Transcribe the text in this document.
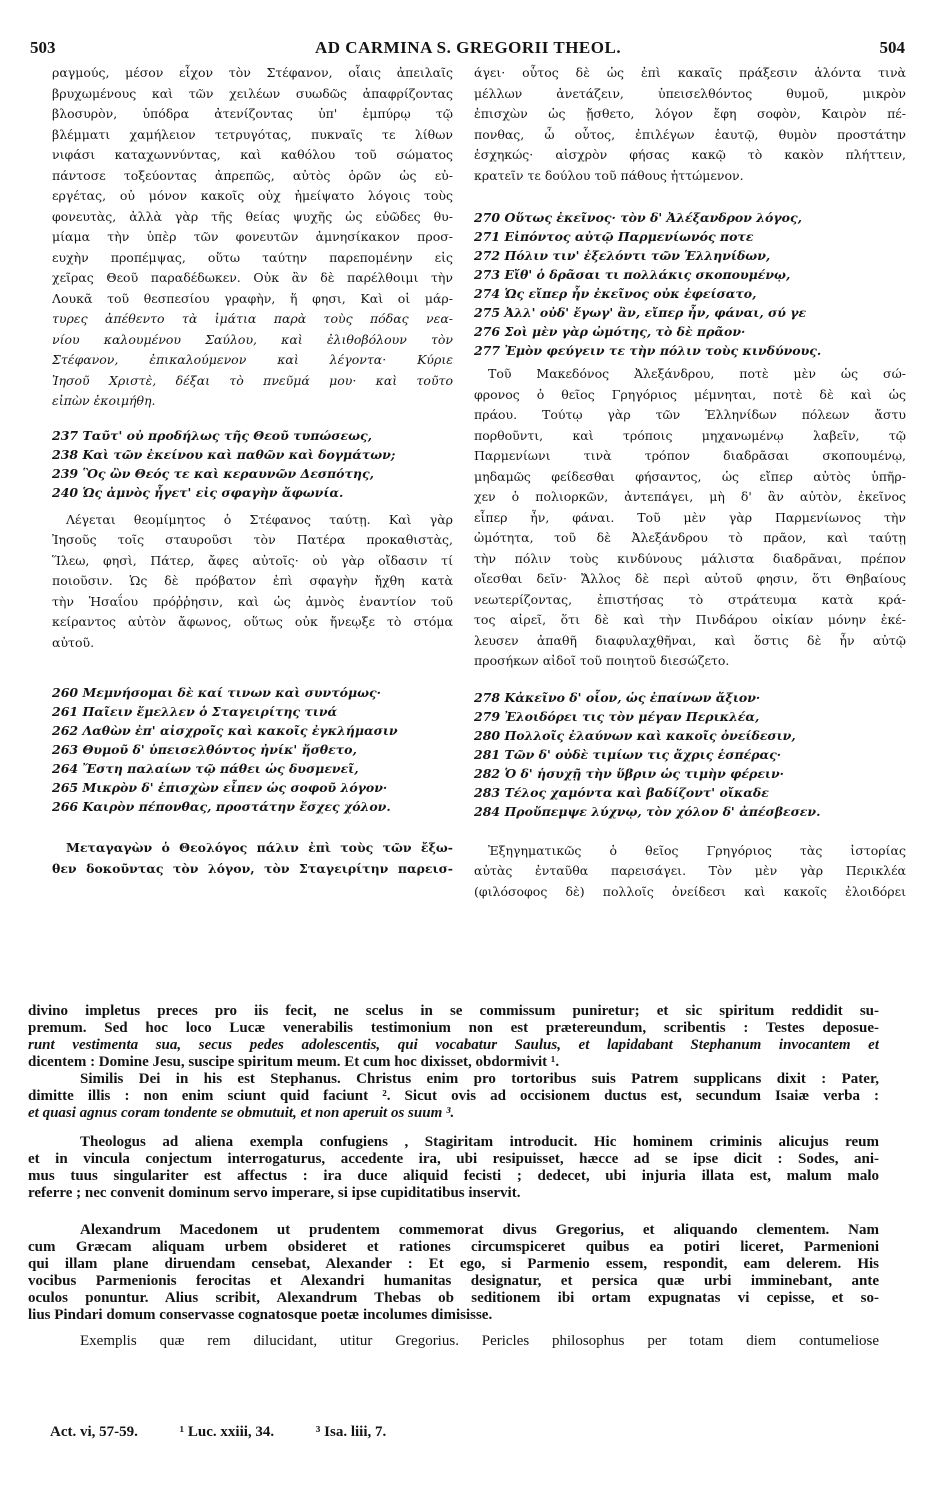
503	AD CARMINA S. GREGORII THEOL.	504
ραγμούς, μέσον εἶχον τὸν Στέφανον, οἷαις ἀπειλαῖς
βρυχωμένους καὶ τῶν χειλέων συωδῶς ἀπαφρίζοντας
βλοσυρὸν, ὑπόδρα ἀτενίζοντας ὑπ' ἐμπύρῳ τῷ
βλέμματι χαμήλειον τετρυγότας, πυκναῖς τε λίθων
νιφάσι καταχωννύντας, καὶ καθόλου τοῦ σώματος
πάντοσε τοξεύοντας ἀπρεπῶς, αὐτὸς ὁρῶν ὡς εὐ-
εργέτας, οὐ μόνον κακοῖς οὐχ ἠμείψατο λόγοις τοὺς
φονευτὰς, ἀλλὰ γὰρ τῆς θείας ψυχῆς ὡς εὐῶδες θυ-
μίαμα τὴν ὑπὲρ τῶν φονευτῶν ἀμνησίκακον προσ-
ευχὴν προπέμψας, οὕτω ταύτην παρεπομένην εἰς
χεῖρας Θεοῦ παραδέδωκεν. Οὐκ ἂν δὲ παρέλθοιμι τὴν
Λουκᾶ τοῦ θεσπεσίου γραφὴν, ἥ φησι, Καὶ οἱ μάρ-
τυρες ἀπέθεντο τὰ ἱμάτια παρὰ τοὺς πόδας νεα-
νίου καλουμένου Σαύλου, καὶ ἐλιθοβόλουν τὸν
Στέφανον, ἐπικαλούμενον καὶ λέγοντα· Κύριε
Ἰησοῦ Χριστὲ, δέξαι τὸ πνεῦμά μου· καὶ τοῦτο
εἰπὼν ἐκοιμήθη.
237 Ταῦτ' οὐ προδήλως τῆς Θεοῦ τυπώσεως,
238 Καὶ τῶν ἐκείνου καὶ παθῶν καὶ δογμάτων;
239 Ὃς ὢν Θεός τε καὶ κεραυνῶν Δεσπότης,
240 Ὡς ἀμνὸς ἦγετ' εἰς σφαγὴν ἄφωνία.
Λέγεται θεομίμητος ὁ Στέφανος ταύτῃ. Καὶ γὰρ
Ἰησοῦς τοῖς σταυροῦσι τὸν Πατέρα προκαθιστὰς,
Ἵλεω, φησὶ, Πάτερ, ἄφες αὐτοῖς· οὐ γὰρ οἴδασιν τί
ποιοῦσιν. Ὡς δὲ πρόβατον ἐπὶ σφαγὴν ἤχθη κατὰ
τὴν Ἡσαΐου πρόῤῥησιν, καὶ ὡς ἀμνὸς ἐναντίον τοῦ
κείραντος αὐτὸν ἄφωνος, οὕτως οὐκ ἤνεῳξε τὸ στόμα
αὐτοῦ.
260 Μεμνήσομαι δὲ καί τινων καὶ συντόμως·
261 Παῖειν ἔμελλεν ὁ Σταγειρίτης τινά
262 Λαθὼν ἐπ' αἰσχροῖς καὶ κακοῖς ἐγκλήμασιν
263 Θυμοῦ δ' ὑπεισελθόντος ἠνίκ' ἤσθετο,
264 Ἔστη παλαίων τῷ πάθει ὡς δυσμενεῖ,
265 Μικρὸν δ' ἐπισχὼν εἶπεν ὡς σοφοῦ λόγον·
266 Καιρὸν πέπονθας, προστάτην ἔσχες χόλον.
Μεταγαγὼν ὁ Θεολόγος πάλιν ἐπὶ τοὺς τῶν ἔξω-
θεν δοκοῦντας τὸν λόγον, τὸν Σταγειρίτην παρεισ-
άγει· οὗτος δὲ ὡς ἐπὶ κακαῖς πράξεσιν ἁλόντα τινὰ
μέλλων ἀνετάζειν, ὑπεισελθόντος θυμοῦ, μικρὸν
ἐπισχὼν ὡς ᾔσθετο, λόγον ἔφη σοφὸν, Καιρὸν πέ-
πονθας, ὦ οὗτος, ἐπιλέγων ἑαυτῷ, θυμὸν προστάτην
ἐσχηκώς· αἰσχρὸν φήσας κακῷ τὸ κακὸν πλήττειν,
κρατεῖν τε δούλου τοῦ πάθους ἡττώμενον.
270 Οὕτως ἐκεῖνος· τὸν δ' Ἀλέξανδρον λόγος,
271 Εἰπόντος αὐτῷ Παρμενίωνός ποτε
272 Πόλιν τιν' ἐξελόντι τῶν Ἑλληνίδων,
273 Εἴθ' ὁ δρᾶσαι τι πολλάκις σκοπουμένῳ,
274 Ὡς εἴπερ ἦν ἐκεῖνος οὐκ ἐφείσατο,
275 Ἀλλ' οὐδ' ἔγωγ' ἂν, εἴπερ ἦν, φάναι, σύ γε
276 Σοὶ μὲν γὰρ ὠμότης, τὸ δὲ πρᾶον·
277 Ἐμὸν φεύγειν τε τὴν πόλιν τοὺς κινδύνους.
Τοῦ Μακεδόνος Ἀλεξάνδρου, ποτὲ μὲν ὡς σώ-
φρονος ὁ θεῖος Γρηγόριος μέμνηται, ποτὲ δὲ καὶ ὡς
πράου. Τούτῳ γὰρ τῶν Ἑλληνίδων πόλεων ἄστυ
πορθοῦντι, καὶ τρόποις μηχανωμένῳ λαβεῖν, τῷ
Παρμενίωνι τινὰ τρόπον διαδρᾶσαι σκοπουμένῳ,
μηδαμῶς φείδεσθαι φήσαντος, ὡς εἴπερ αὐτὸς ὑπῆρ-
χεν ὁ πολιορκῶν, ἀντεπάγει, μὴ δ' ἂν αὐτὸν, ἐκεῖνος
εἶπερ ἦν, φάναι. Τοῦ μὲν γὰρ Παρμενίωνος τὴν
ὠμότητα, τοῦ δὲ Ἀλεξάνδρου τὸ πρᾶον, καὶ ταύτῃ
τὴν πόλιν τοὺς κινδύνους μάλιστα διαδρᾶναι, πρέπον
οἴεσθαι δεῖν· Ἄλλος δὲ περὶ αὐτοῦ φησιν, ὅτι Θηβαίους
νεωτερίζοντας, ἐπιστήσας τὸ στράτευμα κατὰ κρά-
τος αἱρεῖ, ὅτι δὲ καὶ τὴν Πινδάρου οἰκίαν μόνην ἐκέ-
λευσεν ἀπαθῆ διαφυλαχθῆναι, καὶ ὅστις δὲ ἦν αὐτῷ
προσήκων αἰδοῖ τοῦ ποιητοῦ διεσώζετο.
278 Κἀκεῖνο δ' οἷον, ὡς ἐπαίνων ἄξιον·
279 Ἐλοιδόρει τις τὸν μέγαν Περικλέα,
280 Πολλοῖς ἐλαύνων καὶ κακοῖς ὀνείδεσιν,
281 Τῶν δ' οὐδὲ τιμίων τις ἄχρις ἑσπέρας·
282 Ὁ δ' ἡσυχῇ τὴν ὕβριν ὡς τιμὴν φέρειν·
283 Τέλος χαμόντα καὶ βαδίζοντ' οἴκαδε
284 Προὔπεμψε λύχνῳ, τὸν χόλον δ' ἀπέσβεσεν.
Ἐξηγηματικῶς ὁ θεῖος Γρηγόριος τὰς ἱστορίας
αὐτὰς ἐνταῦθα παρεισάγει. Τὸν μὲν γὰρ Περικλέα
(φιλόσοφος δὲ) πολλοῖς ὀνείδεσι καὶ κακοῖς ἐλοιδόρει
divino impletus preces pro iis fecit, ne scelus in se commissum puniretur; et sic spiritum reddidit su-
premum. Sed hoc loco Lucæ venerabilis testimonium non est prætereundum, scribentis : Testes deposue-
runt vestimenta sua, secus pedes adolescentis, qui vocabatur Saulus, et lapidabant Stephanum invocantem et
dicentem : Domine Jesu, suscipe spiritum meum. Et cum hoc dixisset, obdormivit ¹.
Similis Dei in his est Stephanus. Christus enim pro tortoribus suis Patrem supplicans dixit : Pater,
dimitte illis : non enim sciunt quid faciunt ². Sicut ovis ad occisionem ductus est, secundum Isaiæ verba :
et quasi agnus coram tondente se obmutuit, et non aperuit os suum ³.
Theologus ad aliena exempla confugiens , Stagiritam introducit. Hic hominem criminis alicujus reum
et in vincula conjectum interrogaturus, accedente ira, ubi resipuisset, hæcce ad se ipse dicit : Sodes, ani-
mus tuus singulariter est affectus : ira duce aliquid fecisti ; dedecet, ubi injuria illata est, malum malo
referre ; nec convenit dominum servo imperare, si ipse cupiditatibus inservit.
Alexandrum Macedonem ut prudentem commemorat divus Gregorius, et aliquando clementem. Nam
cum Græcam aliquam urbem obsideret et rationes circumspiceret quibus ea potiri liceret, Parmenioni
qui illam plane diruendam censebat, Alexander : Et ego, si Parmenio essem, respondit, eam delerem. His
vocibus Parmenionis ferocitas et Alexandri humanitas designatur, et persica quæ urbi imminebant, ante
oculos ponuntur. Alius scribit, Alexandrum Thebas ob seditionem ibi ortam expugnatas vi cepisse, et so-
lius Pindari domum conservasse cognatosque poetæ incolumes dimisisse.
Exemplis quæ rem dilucidant, utitur Gregorius. Pericles philosophus per totam diem contumeliose
Act. vi, 57-59.	¹ Luc. xxiii, 34.	³ Isa. liii, 7.
